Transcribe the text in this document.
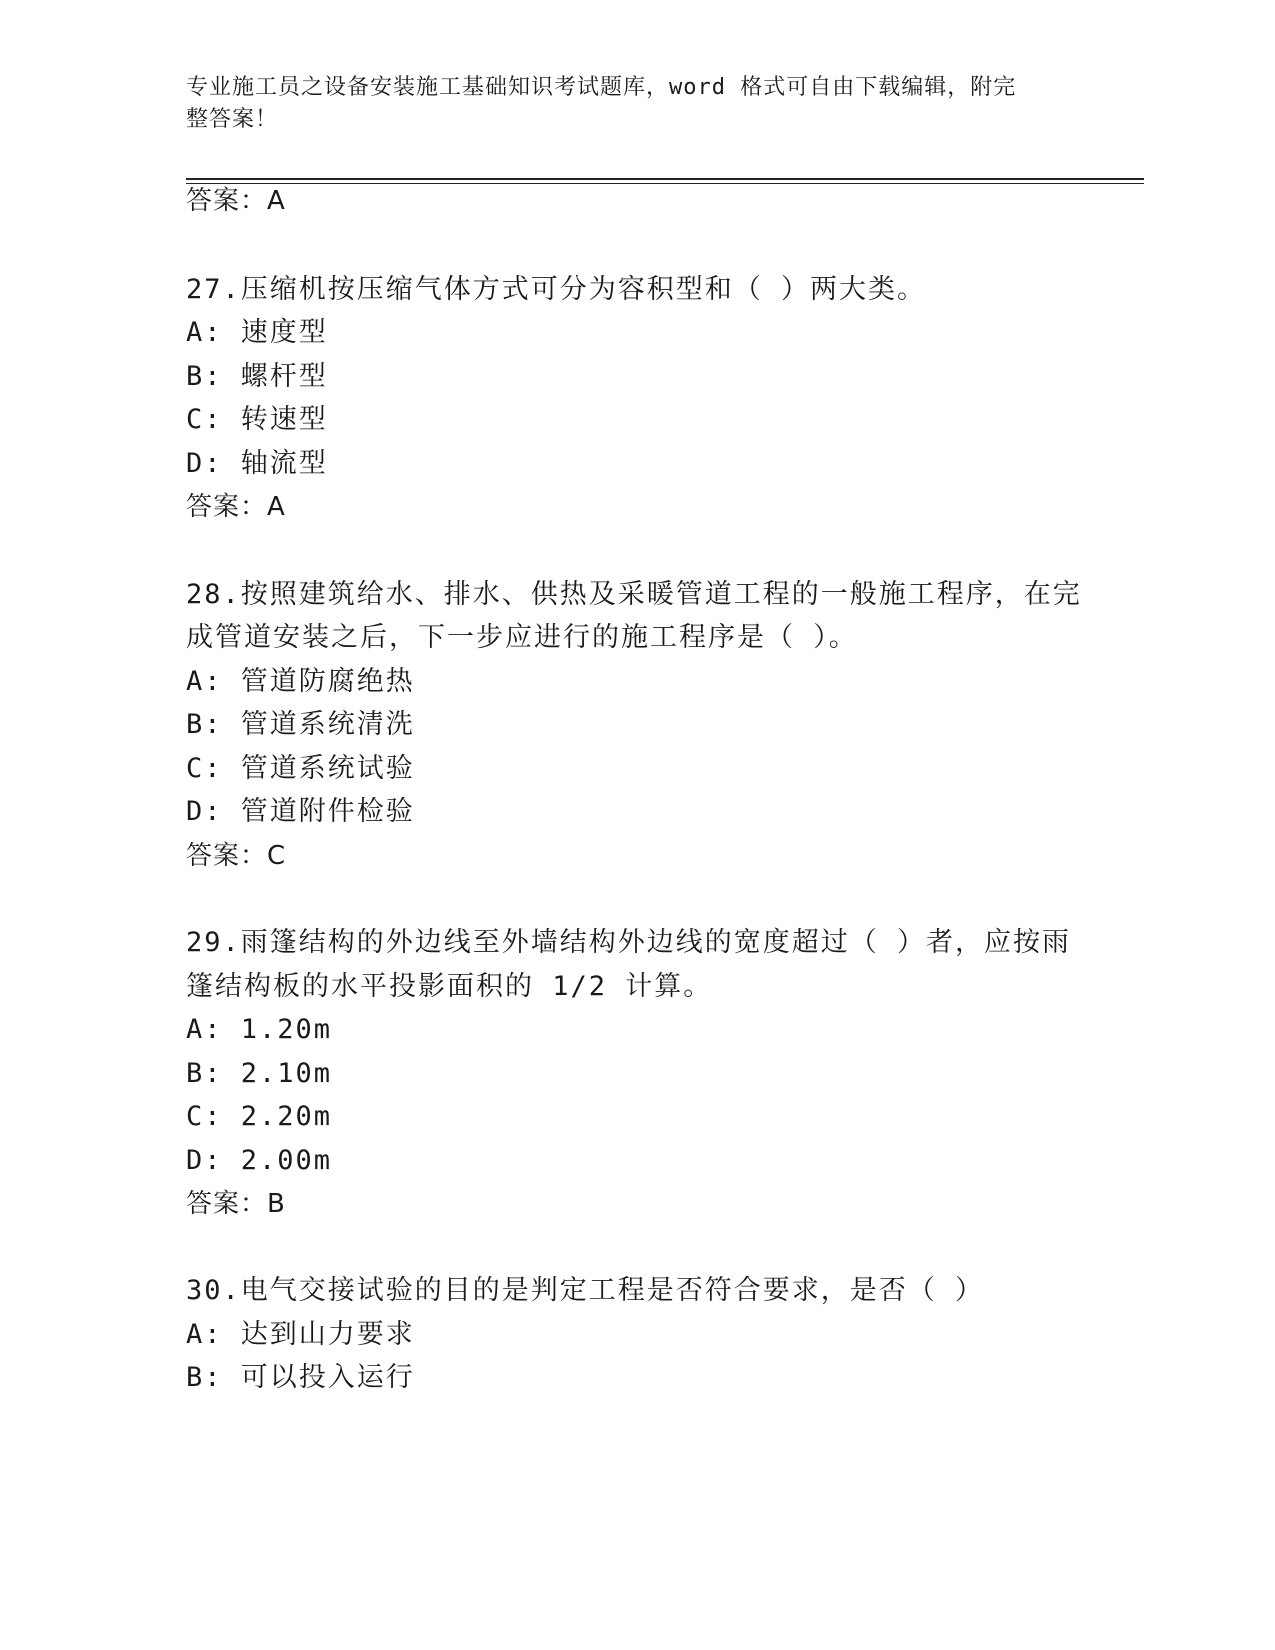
专业施工员之设备安装施工基础知识考试题库，word 格式可自由下载编辑，附完
整答案！
答案：A
27.压缩机按压缩气体方式可分为容积型和（ ）两大类。
A: 速度型
B: 螺杆型
C: 转速型
D: 轴流型
答案：A
28.按照建筑给水、排水、供热及采暖管道工程的一般施工程序，在完
成管道安装之后，下一步应进行的施工程序是（ ）。
A: 管道防腐绝热
B: 管道系统清洗
C: 管道系统试验
D: 管道附件检验
答案：C
29.雨篷结构的外边线至外墙结构外边线的宽度超过（ ）者，应按雨
篷结构板的水平投影面积的 1/2 计算。
A: 1.20m
B: 2.10m
C: 2.20m
D: 2.00m
答案：B
30.电气交接试验的目的是判定工程是否符合要求，是否（ ）
A: 达到山力要求
B: 可以投入运行
